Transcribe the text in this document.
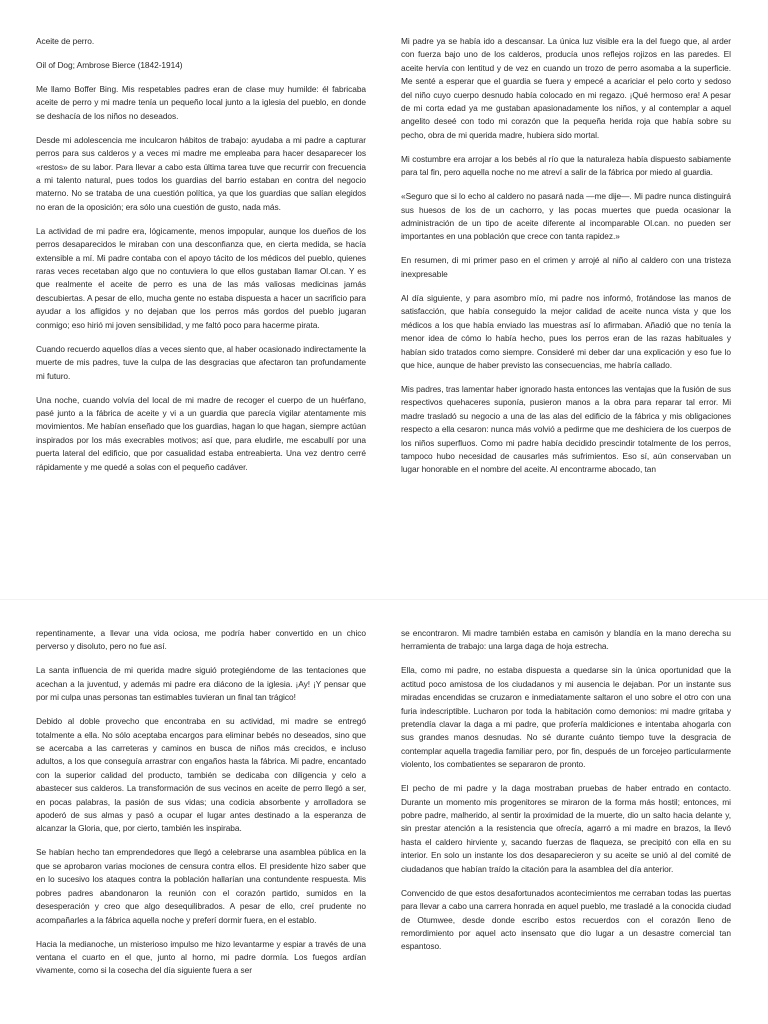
Aceite de perro.

Oil of Dog; Ambrose Bierce (1842-1914)

Me llamo Boffer Bing. Mis respetables padres eran de clase muy humilde: él fabricaba aceite de perro y mi madre tenía un pequeño local junto a la iglesia del pueblo, en donde se deshacía de los niños no deseados.

Desde mi adolescencia me inculcaron hábitos de trabajo: ayudaba a mi padre a capturar perros para sus calderos y a veces mi madre me empleaba para hacer desaparecer los «restos» de su labor. Para llevar a cabo esta última tarea tuve que recurrir con frecuencia a mi talento natural, pues todos los guardias del barrio estaban en contra del negocio materno. No se trataba de una cuestión política, ya que los guardias que salían elegidos no eran de la oposición; era sólo una cuestión de gusto, nada más.

La actividad de mi padre era, lógicamente, menos impopular, aunque los dueños de los perros desaparecidos le miraban con una desconfianza que, en cierta medida, se hacía extensible a mí. Mi padre contaba con el apoyo tácito de los médicos del pueblo, quienes raras veces recetaban algo que no contuviera lo que ellos gustaban llamar Ol.can. Y es que realmente el aceite de perro es una de las más valiosas medicinas jamás descubiertas. A pesar de ello, mucha gente no estaba dispuesta a hacer un sacrificio para ayudar a los afligidos y no dejaban que los perros más gordos del pueblo jugaran conmigo; eso hirió mi joven sensibilidad, y me faltó poco para hacerme pirata.

Cuando recuerdo aquellos días a veces siento que, al haber ocasionado indirectamente la muerte de mis padres, tuve la culpa de las desgracias que afectaron tan profundamente mi futuro.

Una noche, cuando volvía del local de mi madre de recoger el cuerpo de un huérfano, pasé junto a la fábrica de aceite y vi a un guardia que parecía vigilar atentamente mis movimientos. Me habían enseñado que los guardias, hagan lo que hagan, siempre actúan inspirados por los más execrables motivos; así que, para eludirle, me escabullí por una puerta lateral del edificio, que por casualidad estaba entreabierta. Una vez dentro cerré rápidamente y me quedé a solas con el pequeño cadáver.

Mi padre ya se había ido a descansar. La única luz visible era la del fuego que, al arder con fuerza bajo uno de los calderos, producía unos reflejos rojizos en las paredes. El aceite hervía con lentitud y de vez en cuando un trozo de perro asomaba a la superficie. Me senté a esperar que el guardia se fuera y empecé a acariciar el pelo corto y sedoso del niño cuyo cuerpo desnudo había colocado en mi regazo. ¡Qué hermoso era! A pesar de mi corta edad ya me gustaban apasionadamente los niños, y al contemplar a aquel angelito deseé con todo mi corazón que la pequeña herida roja que había sobre su pecho, obra de mi querida madre, hubiera sido mortal.

Mi costumbre era arrojar a los bebés al río que la naturaleza había dispuesto sabiamente para tal fin, pero aquella noche no me atreví a salir de la fábrica por miedo al guardia.

«Seguro que si lo echo al caldero no pasará nada —me dije—. Mi padre nunca distinguirá sus huesos de los de un cachorro, y las pocas muertes que pueda ocasionar la administración de un tipo de aceite diferente al incomparable Ol.can. no pueden ser importantes en una población que crece con tanta rapidez.»

En resumen, di mi primer paso en el crimen y arrojé al niño al caldero con una tristeza inexpresable

Al día siguiente, y para asombro mío, mi padre nos informó, frotándose las manos de satisfacción, que había conseguido la mejor calidad de aceite nunca vista y que los médicos a los que había enviado las muestras así lo afirmaban. Añadió que no tenía la menor idea de cómo lo había hecho, pues los perros eran de las razas habituales y habían sido tratados como siempre. Consideré mi deber dar una explicación y eso fue lo que hice, aunque de haber previsto las consecuencias, me habría callado.

Mis padres, tras lamentar haber ignorado hasta entonces las ventajas que la fusión de sus respectivos quehaceres suponía, pusieron manos a la obra para reparar tal error. Mi madre trasladó su negocio a una de las alas del edificio de la fábrica y mis obligaciones respecto a ella cesaron: nunca más volvió a pedirme que me deshiciera de los cuerpos de los niños superfluos. Como mi padre había decidido prescindir totalmente de los perros, tampoco hubo necesidad de causarles más sufrimientos. Eso sí, aún conservaban un lugar honorable en el nombre del aceite. Al encontrarme abocado, tan

repentinamente, a llevar una vida ociosa, me podría haber convertido en un chico perverso y disoluto, pero no fue así.

La santa influencia de mi querida madre siguió protegiéndome de las tentaciones que acechan a la juventud, y además mi padre era diácono de la iglesia. ¡Ay! ¡Y pensar que por mi culpa unas personas tan estimables tuvieran un final tan trágico!

Debido al doble provecho que encontraba en su actividad, mi madre se entregó totalmente a ella. No sólo aceptaba encargos para eliminar bebés no deseados, sino que se acercaba a las carreteras y caminos en busca de niños más crecidos, e incluso adultos, a los que conseguía arrastrar con engaños hasta la fábrica. Mi padre, encantado con la superior calidad del producto, también se dedicaba con diligencia y celo a abastecer sus calderos. La transformación de sus vecinos en aceite de perro llegó a ser, en pocas palabras, la pasión de sus vidas; una codicia absorbente y arrolladora se apoderó de sus almas y pasó a ocupar el lugar antes destinado a la esperanza de alcanzar la Gloria, que, por cierto, también les inspiraba.

Se habían hecho tan emprendedores que llegó a celebrarse una asamblea pública en la que se aprobaron varias mociones de censura contra ellos. El presidente hizo saber que en lo sucesivo los ataques contra la población hallarían una contundente respuesta. Mis pobres padres abandonaron la reunión con el corazón partido, sumidos en la desesperación y creo que algo desequilibrados. A pesar de ello, creí prudente no acompañarles a la fábrica aquella noche y preferí dormir fuera, en el establo.

Hacia la medianoche, un misterioso impulso me hizo levantarme y espiar a través de una ventana el cuarto en el que, junto al horno, mi padre dormía. Los fuegos ardían vivamente, como si la cosecha del día siguiente fuera a ser

se encontraron. Mi madre también estaba en camisón y blandía en la mano derecha su herramienta de trabajo: una larga daga de hoja estrecha.

Ella, como mi padre, no estaba dispuesta a quedarse sin la única oportunidad que la actitud poco amistosa de los ciudadanos y mi ausencia le dejaban. Por un instante sus miradas encendidas se cruzaron e inmediatamente saltaron el uno sobre el otro con una furia indescriptible. Lucharon por toda la habitación como demonios: mi madre gritaba y pretendía clavar la daga a mi padre, que profería maldiciones e intentaba ahogarla con sus grandes manos desnudas. No sé durante cuánto tiempo tuve la desgracia de contemplar aquella tragedia familiar pero, por fin, después de un forcejeo particularmente violento, los combatientes se separaron de pronto.

El pecho de mi padre y la daga mostraban pruebas de haber entrado en contacto. Durante un momento mis progenitores se miraron de la forma más hostil; entonces, mi pobre padre, malherido, al sentir la proximidad de la muerte, dio un salto hacia delante y, sin prestar atención a la resistencia que ofrecía, agarró a mi madre en brazos, la llevó hasta el caldero hirviente y, sacando fuerzas de flaqueza, se precipitó con ella en su interior. En solo un instante los dos desaparecieron y su aceite se unió al del comité de ciudadanos que habían traído la citación para la asamblea del día anterior.

Convencido de que estos desafortunados acontecimientos me cerraban todas las puertas para llevar a cabo una carrera honrada en aquel pueblo, me trasladé a la conocida ciudad de Otumwee, desde donde escribo estos recuerdos con el corazón lleno de remordimiento por aquel acto insensato que dio lugar a un desastre comercial tan espantoso.
